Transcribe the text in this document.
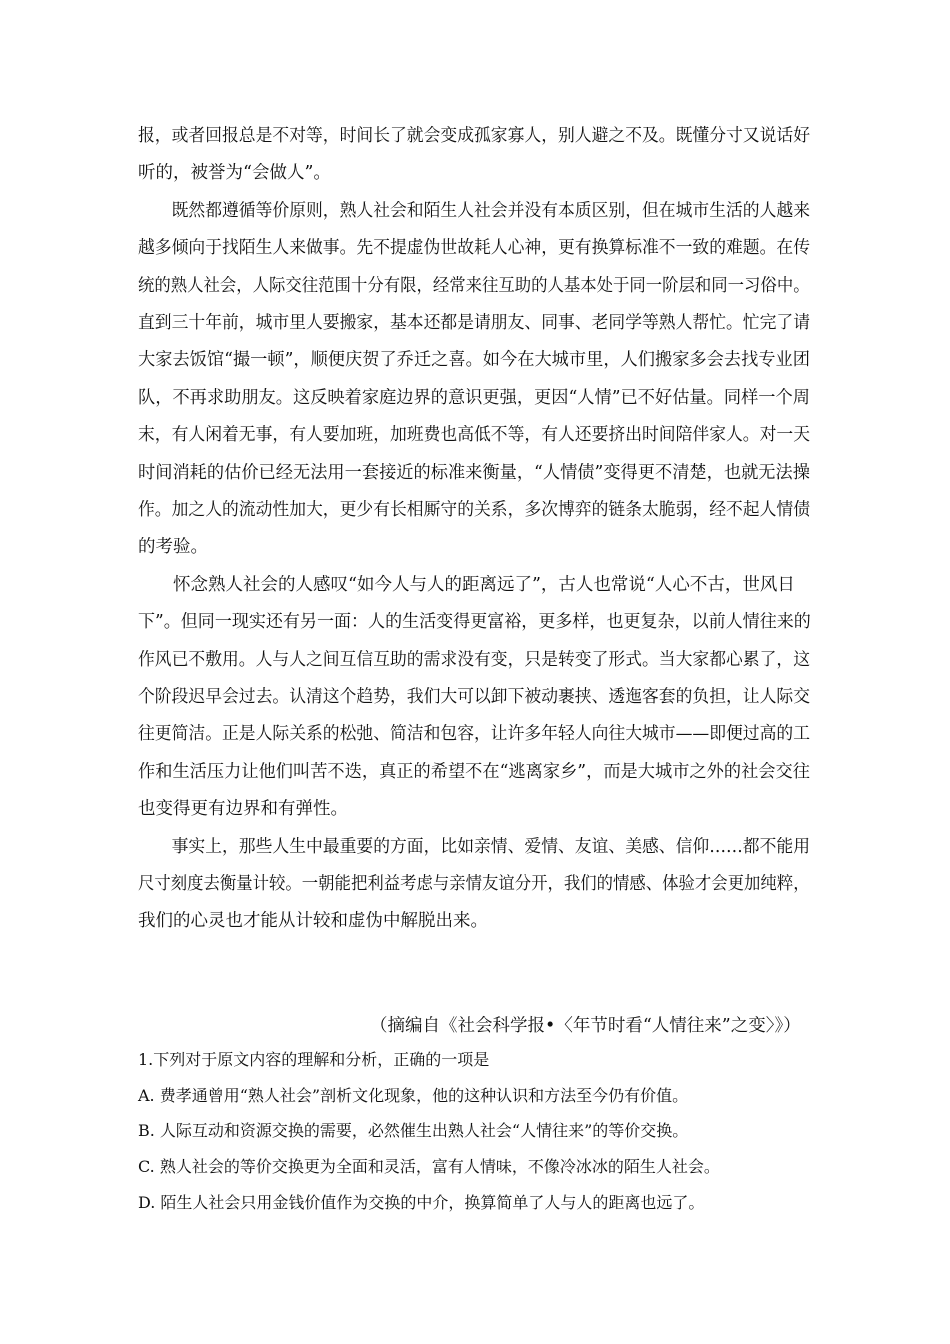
报，或者回报总是不对等，时间长了就会变成孤家寡人，别人避之不及。既懂分寸又说话好
听的，被誉为“会做人”。
　　既然都遵循等价原则，熟人社会和陌生人社会并没有本质区别，但在城市生活的人越来
越多倾向于找陌生人来做事。先不提虚伪世故耗人心神，更有换算标准不一致的难题。在传
统的熟人社会，人际交往范围十分有限，经常来往互助的人基本处于同一阶层和同一习俗中。
直到三十年前，城市里人要搬家，基本还都是请朋友、同事、老同学等熟人帮忙。忙完了请
大家去饭馆“撮一顿”，顺便庆贺了乔迁之喜。如今在大城市里，人们搬家多会去找专业团
队，不再求助朋友。这反映着家庭边界的意识更强，更因“人情”已不好估量。同样一个周
末，有人闲着无事，有人要加班，加班费也高低不等，有人还要挤出时间陪伴家人。对一天
时间消耗的估价已经无法用一套接近的标准来衡量，“人情债”变得更不清楚，也就无法操
作。加之人的流动性加大，更少有长相厮守的关系，多次博弈的链条太脆弱，经不起人情债
的考验。
　　怀念熟人社会的人感叹“如今人与人的距离远了”，古人也常说“人心不古，世风日
下”。但同一现实还有另一面：人的生活变得更富裕，更多样，也更复杂，以前人情往来的
作风已不敷用。人与人之间互信互助的需求没有变，只是转变了形式。当大家都心累了，这
个阶段迟早会过去。认清这个趋势，我们大可以卸下被动裹挟、透迤客套的负担，让人际交
往更简洁。正是人际关系的松弛、简洁和包容，让许多年轻人向往大城市——即便过高的工
作和生活压力让他们叫苦不迭，真正的希望不在“逃离家乡”，而是大城市之外的社会交往
也变得更有边界和有弹性。
　　事实上，那些人生中最重要的方面，比如亲情、爱情、友谊、美感、信仰……都不能用
尺寸刻度去衡量计较。一朝能把利益考虑与亲情友谊分开，我们的情感、体验才会更加纯粹，
我们的心灵也才能从计较和虚伪中解脱出来。
（摘编自《社会科学报•〈年节时看“人情往来”之变〉》）
1.下列对于原文内容的理解和分析，正确的一项是
A. 费孝通曾用“熟人社会”剖析文化现象，他的这种认识和方法至今仍有价值。
B. 人际互动和资源交换的需要，必然催生出熟人社会“人情往来”的等价交换。
C. 熟人社会的等价交换更为全面和灵活，富有人情味，不像冷冰冰的陌生人社会。
D. 陌生人社会只用金钱价值作为交换的中介，换算简单了人与人的距离也远了。
